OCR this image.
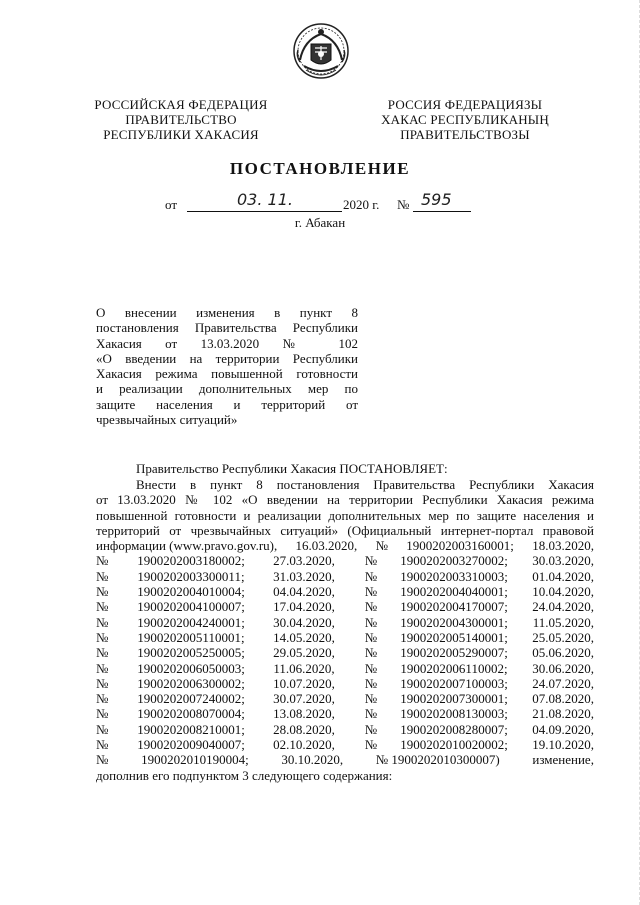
РОССИЙСКАЯ ФЕДЕРАЦИЯ
ПРАВИТЕЛЬСТВО
РЕСПУБЛИКИ ХАКАСИЯ
РОССИЯ ФЕДЕРАЦИЯЗЫ
ХАКАС РЕСПУБЛИКАНЫҢ
ПРАВИТЕЛЬСТВОЗЫ
ПОСТАНОВЛЕНИЕ
от	03. 11.	2020 г. № 595
г. Абакан
О внесении изменения в пункт 8
постановления Правительства Республики
Хакасия от 13.03.2020 № 102
«О введении на территории Республики
Хакасия режима повышенной готовности
и реализации дополнительных мер по
защите населения и территорий от
чрезвычайных ситуаций»
Правительство Республики Хакасия ПОСТАНОВЛЯЕТ:
Внести в пункт 8 постановления Правительства Республики Хакасия
от 13.03.2020 № 102 «О введении на территории Республики Хакасия режима
повышенной готовности и реализации дополнительных мер по защите населения и
территорий от чрезвычайных ситуаций» (Официальный интернет-портал правовой
информации (www.pravo.gov.ru), 16.03.2020, № 1900202003160001; 18.03.2020,
№	1900202003180002;	27.03.2020,	№	1900202003270002;	30.03.2020,
№	1900202003300011;	31.03.2020,	№	1900202003310003;	01.04.2020,
№	1900202004010004;	04.04.2020,	№	1900202004040001;	10.04.2020,
№	1900202004100007;	17.04.2020,	№	1900202004170007;	24.04.2020,
№	1900202004240001;	30.04.2020,	№	1900202004300001;	11.05.2020,
№	1900202005110001;	14.05.2020,	№	1900202005140001;	25.05.2020,
№	1900202005250005;	29.05.2020,	№	1900202005290007;	05.06.2020,
№	1900202006050003;	11.06.2020,	№	1900202006110002;	30.06.2020,
№	1900202006300002;	10.07.2020,	№	1900202007100003;	24.07.2020,
№	1900202007240002;	30.07.2020,	№	1900202007300001;	07.08.2020,
№	1900202008070004;	13.08.2020,	№	1900202008130003;	21.08.2020,
№	1900202008210001;	28.08.2020,	№	1900202008280007;	04.09.2020,
№	1900202009040007;	02.10.2020,	№	1900202010020002;	19.10.2020,
№	1900202010190004;	30.10.2020,	№ 1900202010300007)	изменение,
дополнив его подпунктом 3 следующего содержания:
